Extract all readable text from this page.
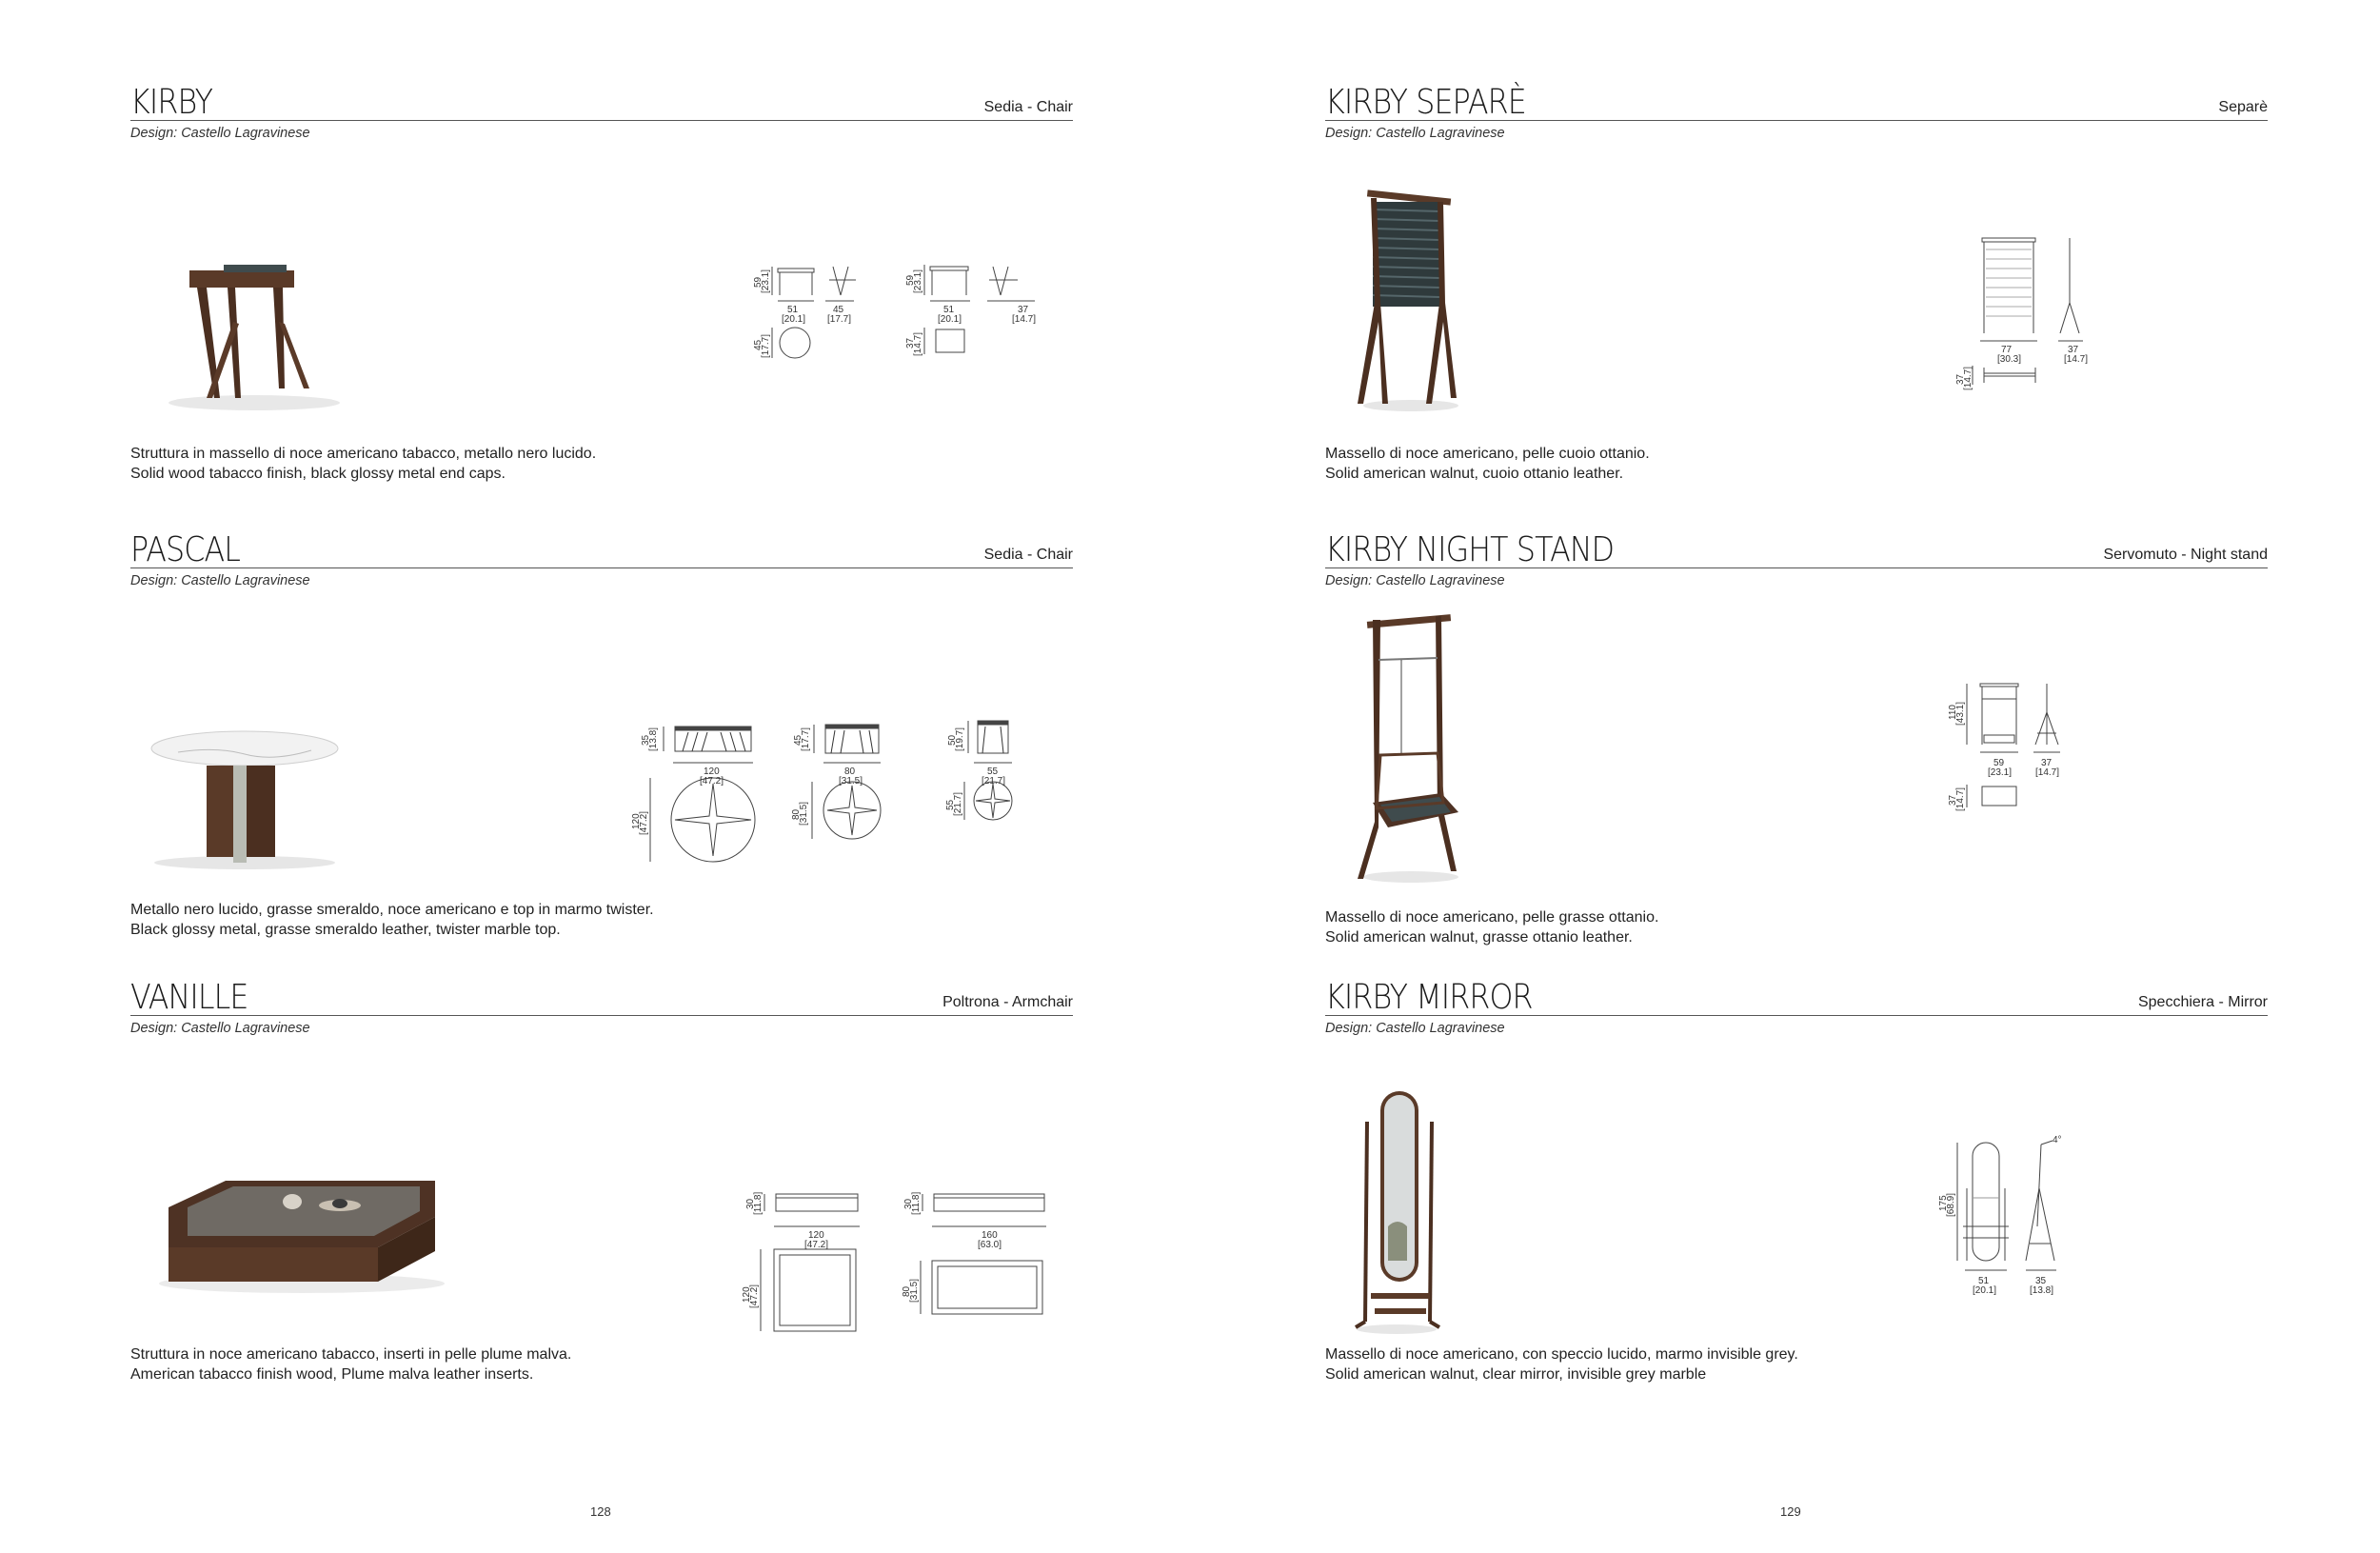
KIRBY	Sedia - Chair
Design: Castello Lagravinese
59
[23.1]
51
[20.1]
45
[17.7]
45
[17.7]
59
[23.1]
51
[20.1]
37
[14.7]
37
[14.7]
Struttura in massello di noce americano tabacco, metallo nero lucido.
Solid wood tabacco finish, black glossy metal end caps.
PASCAL	Sedia - Chair
Design: Castello Lagravinese
35
[13.8]
120
[47.2]
120
[47.2]
45
[17.7]
80
[31.5]
80
[31.5]
50
[19.7]
55
[21.7]
55
[21.7]
Metallo nero lucido, grasse smeraldo, noce americano e top in marmo twister.
Black glossy metal, grasse smeraldo leather, twister marble top.
VANILLE	Poltrona - Armchair
Design: Castello Lagravinese
30
[11.8]
120
[47.2]
120
[47.2]
30
[11.8]
160
[63.0]
80
[31.5]
Struttura in noce americano tabacco, inserti in pelle plume malva.
American tabacco finish wood, Plume malva leather inserts.
128
KIRBY SEPARÈ	Separè
Design: Castello Lagravinese
77
[30.3]
37
[14.7]
37
[14.7]
Massello di noce americano, pelle cuoio ottanio.
Solid american walnut, cuoio ottanio leather.
KIRBY NIGHT STAND	Servomuto - Night stand
Design: Castello Lagravinese
110
[43.1]
59
[23.1]
37
[14.7]
37
[14.7]
Massello di noce americano, pelle grasse ottanio.
Solid american walnut, grasse ottanio leather.
KIRBY MIRROR	Specchiera - Mirror
Design: Castello Lagravinese
4°
175
[68.9]
51
[20.1]
35
[13.8]
Massello di noce americano, con speccio lucido, marmo invisible grey.
Solid american walnut, clear mirror, invisible grey marble
129
